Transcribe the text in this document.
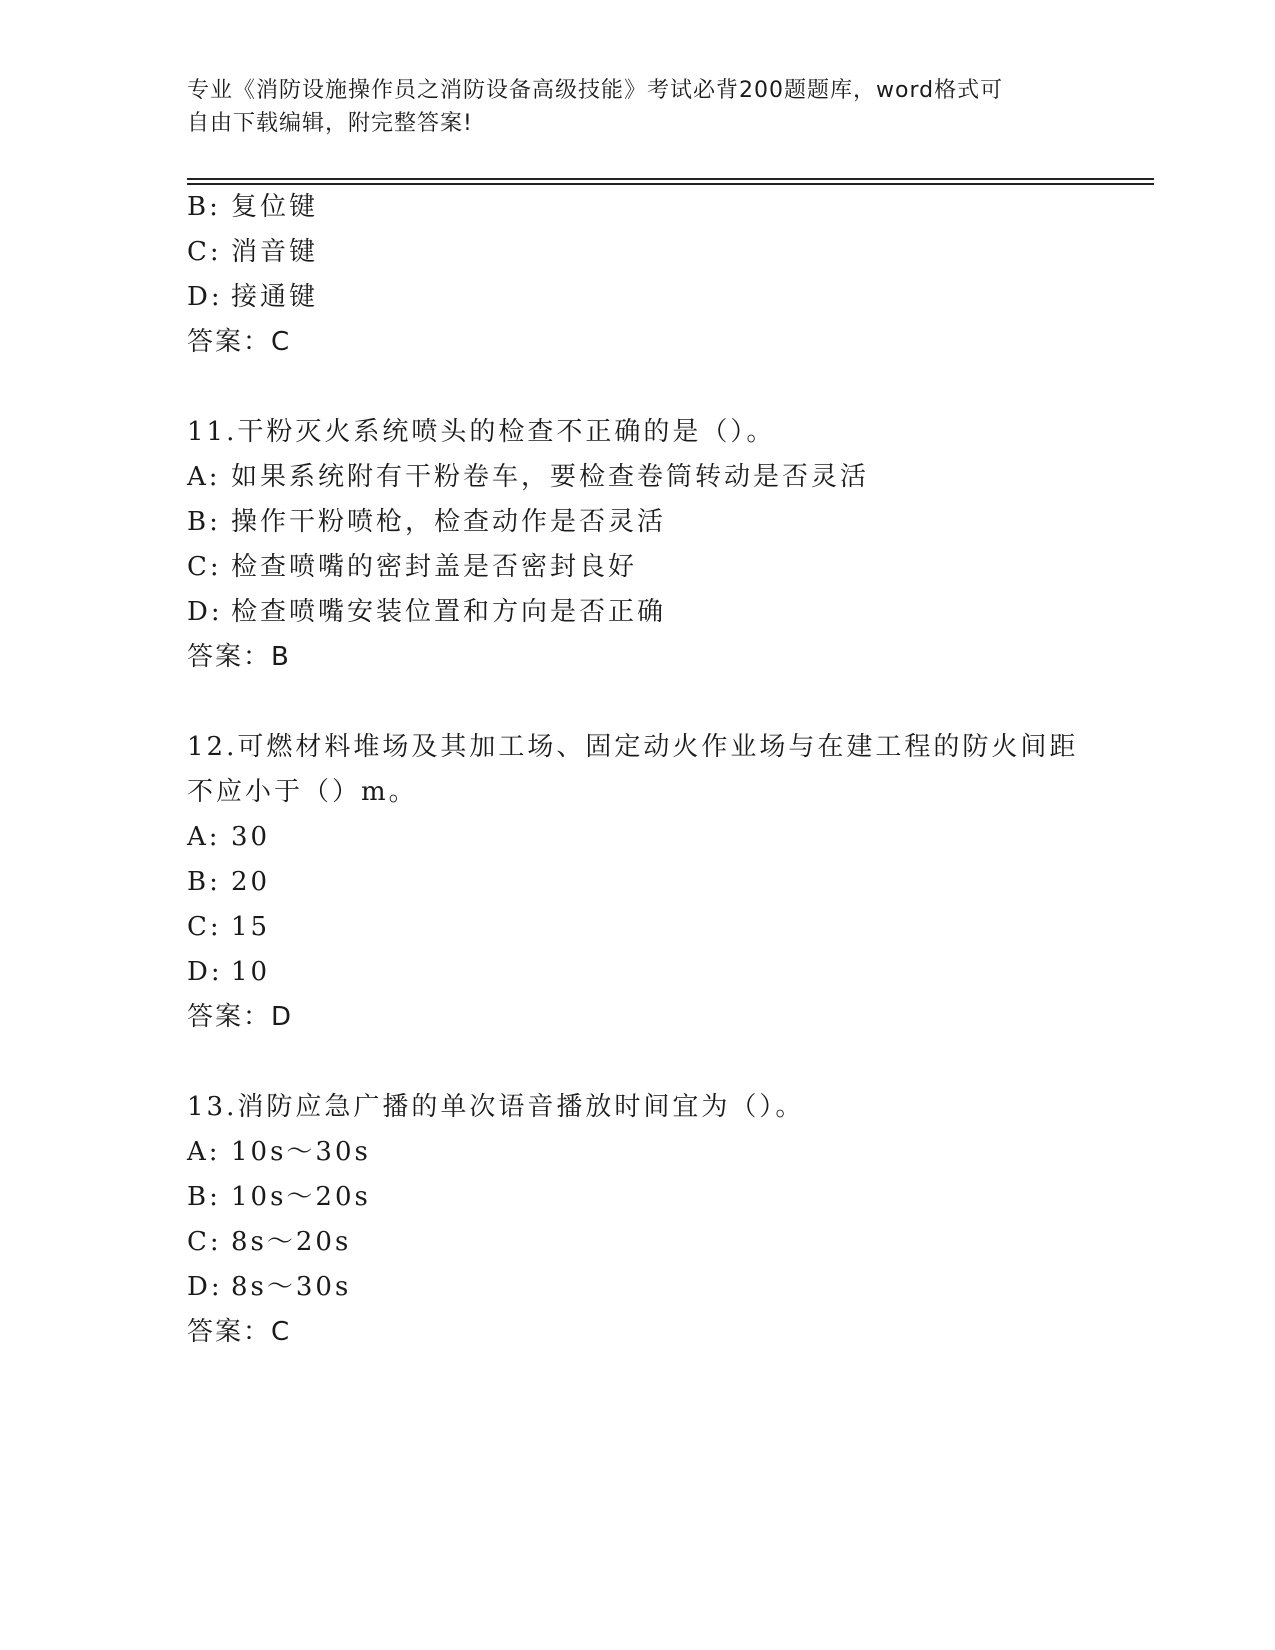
专业《消防设施操作员之消防设备高级技能》考试必背200题题库，word格式可
自由下载编辑，附完整答案!
B: 复位键
C: 消音键
D: 接通键
答案：C
11.干粉灭火系统喷头的检查不正确的是（）。
A: 如果系统附有干粉卷车，要检查卷筒转动是否灵活
B: 操作干粉喷枪，检查动作是否灵活
C: 检查喷嘴的密封盖是否密封良好
D: 检查喷嘴安装位置和方向是否正确
答案：B
12.可燃材料堆场及其加工场、固定动火作业场与在建工程的防火间距
不应小于（）m。
A: 30
B: 20
C: 15
D: 10
答案：D
13.消防应急广播的单次语音播放时间宜为（）。
A: 10s～30s
B: 10s～20s
C: 8s～20s
D: 8s～30s
答案：C
